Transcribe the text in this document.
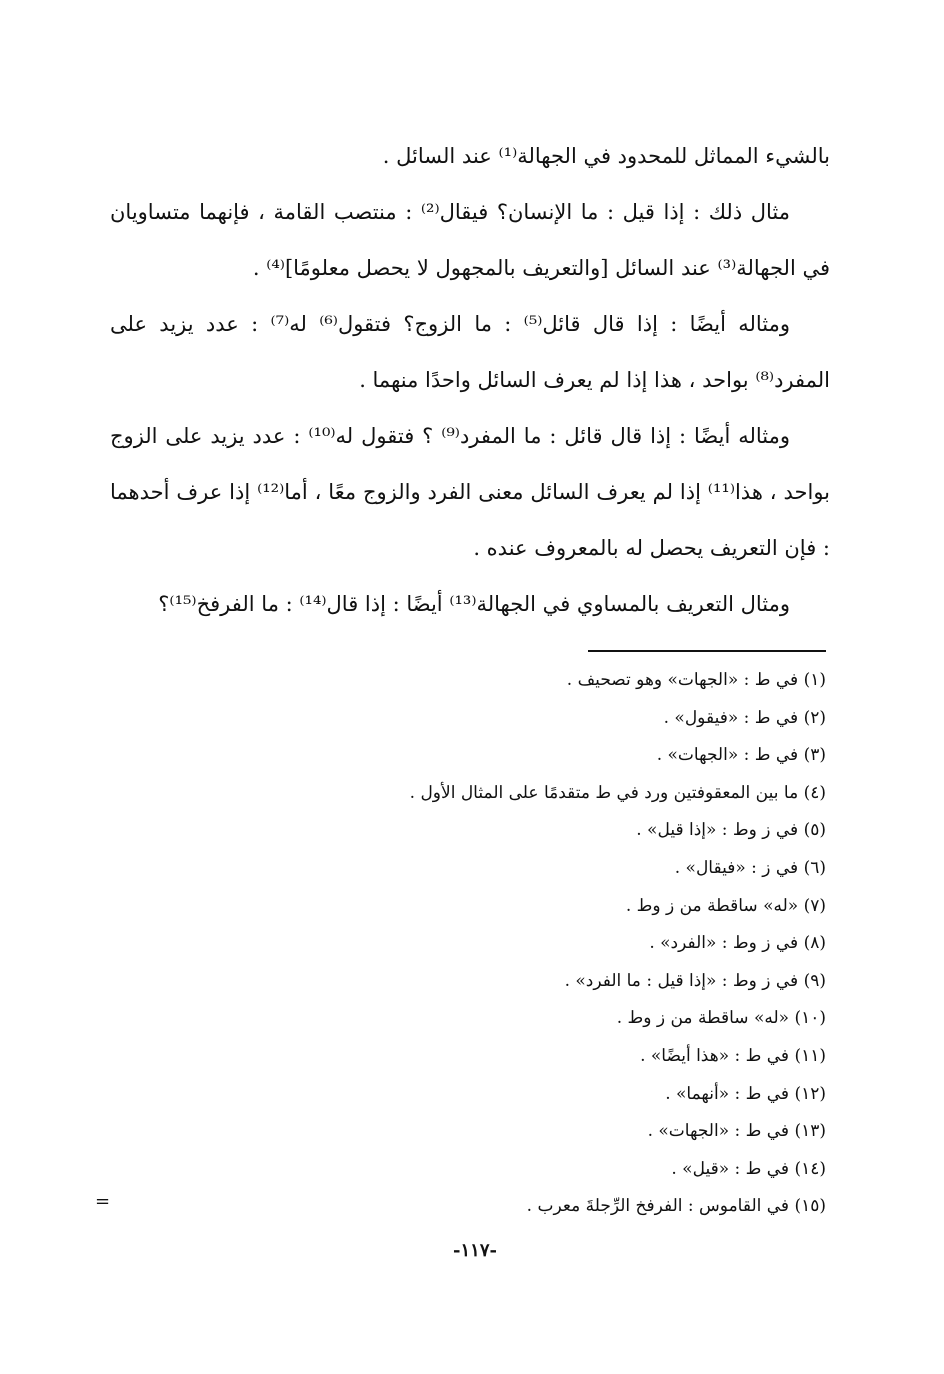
بالشيء المماثل للمحدود في الجهالة⁽¹⁾ عند السائل .

مثال ذلك : إذا قيل : ما الإنسان؟ فيقال⁽²⁾ : منتصب القامة ، فإنهما متساويان في الجهالة⁽³⁾ عند السائل [والتعريف بالمجهول لا يحصل معلومًا]⁽⁴⁾ .

ومثاله أيضًا : إذا قال قائل⁽⁵⁾ : ما الزوج؟ فتقول⁽⁶⁾ له⁽⁷⁾ : عدد يزيد على المفرد⁽⁸⁾ بواحد ، هذا إذا لم يعرف السائل واحدًا منهما .

ومثاله أيضًا : إذا قال قائل : ما المفرد⁽⁹⁾ ؟ فتقول له⁽¹⁰⁾ : عدد يزيد على الزوج بواحد ، هذا⁽¹¹⁾ إذا لم يعرف السائل معنى الفرد والزوج معًا ، أما⁽¹²⁾ إذا عرف أحدهما : فإن التعريف يحصل له بالمعروف عنده .

ومثال التعريف بالمساوي في الجهالة⁽¹³⁾ أيضًا : إذا قال⁽¹⁴⁾ : ما الفرفخ⁽¹⁵⁾؟

(١) في ط : «الجهات» وهو تصحيف .

(٢) في ط : «فيقول» .

(٣) في ط : «الجهات» .

(٤) ما بين المعقوفتين ورد في ط متقدمًا على المثال الأول .

(٥) في ز وط : «إذا قيل» .

(٦) في ز : «فيقال» .

(٧) «له» ساقطة من ز وط .

(٨) في ز وط : «الفرد» .

(٩) في ز وط : «إذا قيل : ما الفرد» .

(١٠) «له» ساقطة من ز وط .

(١١) في ط : «هذا أيضًا» .

(١٢) في ط : «أنهما» .

(١٣) في ط : «الجهات» .

(١٤) في ط : «قيل» .

(١٥) في القاموس : الفرفخ الرِّجلةَ معرب .

=
-١١٧-
